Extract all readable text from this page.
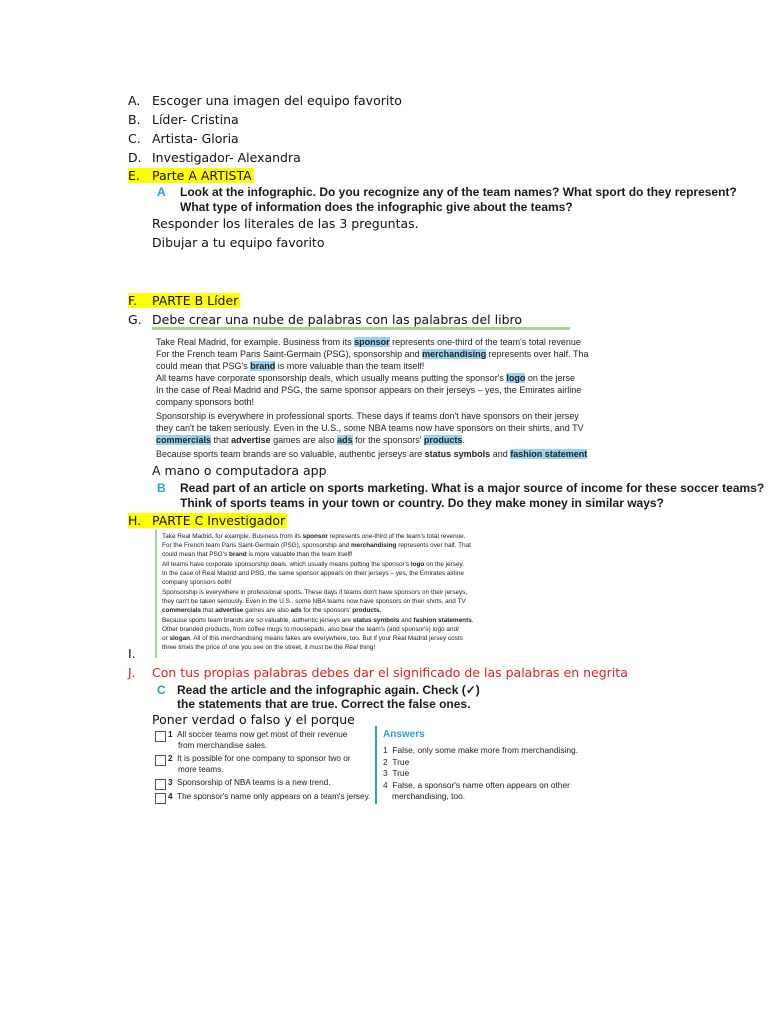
A. Escoger una imagen del equipo favorito
B. Líder- Cristina
C. Artista- Gloria
D. Investigador- Alexandra
E. Parte A ARTISTA
A Look at the infographic. Do you recognize any of the team names? What sport do they represent?
What type of information does the infographic give about the teams?
Responder los literales de las 3 preguntas.
Dibujar a tu equipo favorito
F. PARTE B Líder
G. Debe crear una nube de palabras con las palabras del libro
Take Real Madrid, for example. Business from its sponsor represents one-third of the team's total revenue
For the French team Paris Saint-Germain (PSG), sponsorship and merchandising represents over half. Tha
could mean that PSG's brand is more valuable than the team itself!
All teams have corporate sponsorship deals, which usually means putting the sponsor's logo on the jerse
In the case of Real Madrid and PSG, the same sponsor appears on their jerseys – yes, the Emirates airline
company sponsors both!
Sponsorship is everywhere in professional sports. These days if teams don't have sponsors on their jersey
they can't be taken seriously. Even in the U.S., some NBA teams now have sponsors on their shirts, and TV
commercials that advertise games are also ads for the sponsors' products.
Because sports team brands are so valuable, authentic jerseys are status symbols and fashion statement
A mano o computadora app
B Read part of an article on sports marketing. What is a major source of income for these soccer teams?
Think of sports teams in your town or country. Do they make money in similar ways?
H. PARTE C Investigador
Take Real Madrid, for example. Business from its sponsor represents one-third of the team's total revenue.
For the French team Paris Saint-Germain (PSG), sponsorship and merchandising represents over half. That
could mean that PSG's brand is more valuable than the team itself!
All teams have corporate sponsorship deals, which usually means putting the sponsor's logo on the jersey.
In the case of Real Madrid and PSG, the same sponsor appears on their jerseys – yes, the Emirates airline
company sponsors both!
Sponsorship is everywhere in professional sports. These days if teams don't have sponsors on their jerseys,
they can't be taken seriously. Even in the U.S., some NBA teams now have sponsors on their shirts, and TV
commercials that advertise games are also ads for the sponsors' products.
Because sports team brands are so valuable, authentic jerseys are status symbols and fashion statements.
Other branded products, from coffee mugs to mousepads, also bear the team's (and sponsor's) logo and/
or slogan. All of this merchandising means fakes are everywhere, too. But if your Real Madrid jersey costs
three times the price of one you see on the street, it must be the Real thing!
I.
J. Con tus propias palabras debes dar el significado de las palabras en negrita
C Read the article and the infographic again. Check (✓)
the statements that are true. Correct the false ones.
Poner verdad o falso y el porque
1 All soccer teams now get most of their revenue
from merchandise sales.
2 It is possible for one company to sponsor two or
more teams.
3 Sponsorship of NBA teams is a new trend.
4 The sponsor's name only appears on a team's jersey.
Answers
1 False, only some make more from merchandising.
2 True
3 True
4 False, a sponsor's name often appears on other
merchandising, too.
